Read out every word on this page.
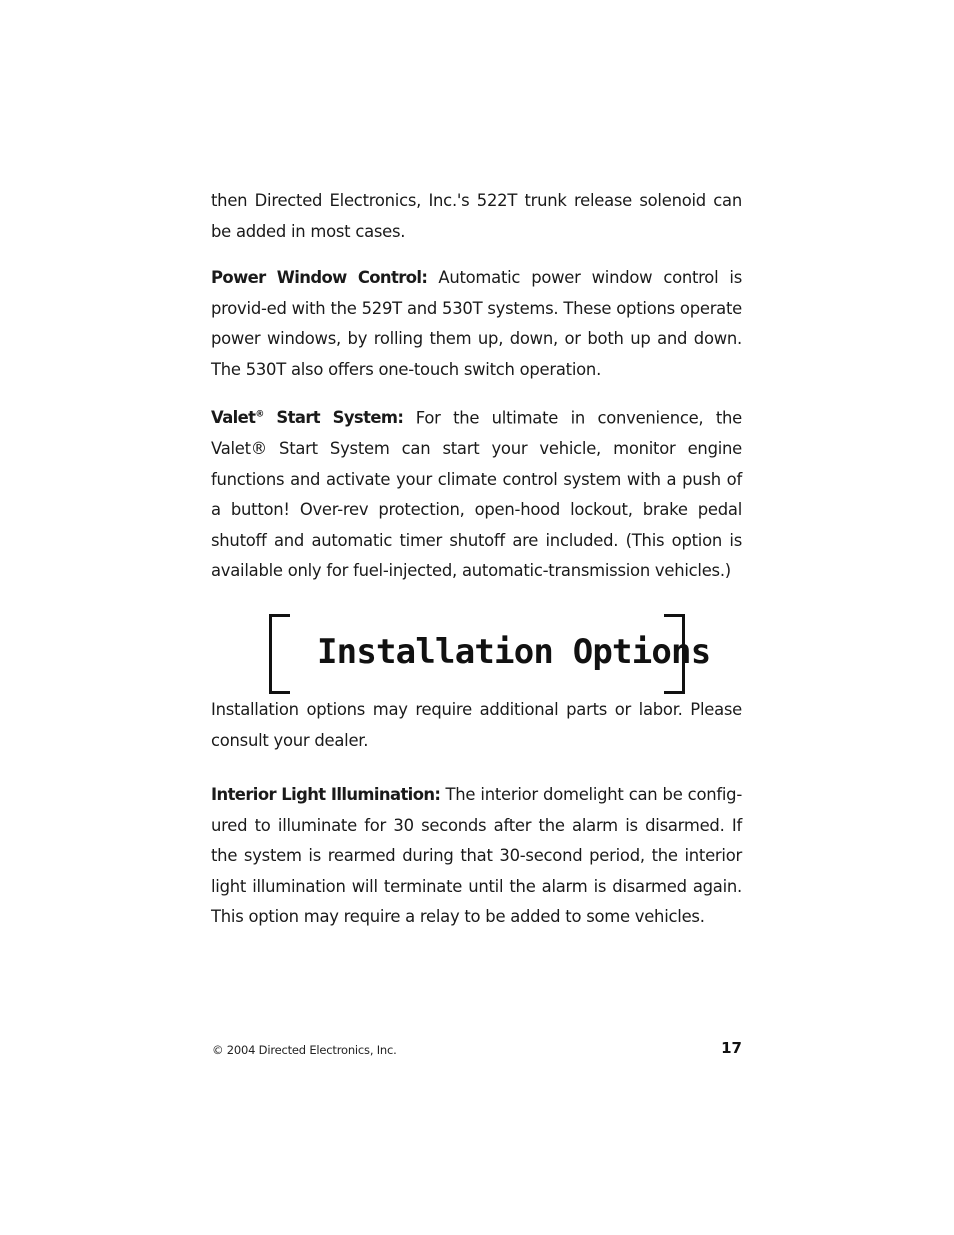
then Directed Electronics, Inc.'s 522T trunk release solenoid can be added in most cases.

Power Window Control: Automatic power window control is provid-ed with the 529T and 530T systems. These options operate power windows, by rolling them up, down, or both up and down. The 530T also offers one-touch switch operation.

Valet® Start System: For the ultimate in convenience, the Valet® Start System can start your vehicle, monitor engine functions and activate your climate control system with a push of a button! Over-rev protection, open-hood lockout, brake pedal shutoff and automatic timer shutoff are included. (This option is available only for fuel-injected, automatic-transmission vehicles.)

Installation Options

Installation options may require additional parts or labor. Please consult your dealer.

Interior Light Illumination: The interior domelight can be config-ured to illuminate for 30 seconds after the alarm is disarmed. If the system is rearmed during that 30-second period, the interior light illumination will terminate until the alarm is disarmed again. This option may require a relay to be added to some vehicles.

© 2004 Directed Electronics, Inc.	17
